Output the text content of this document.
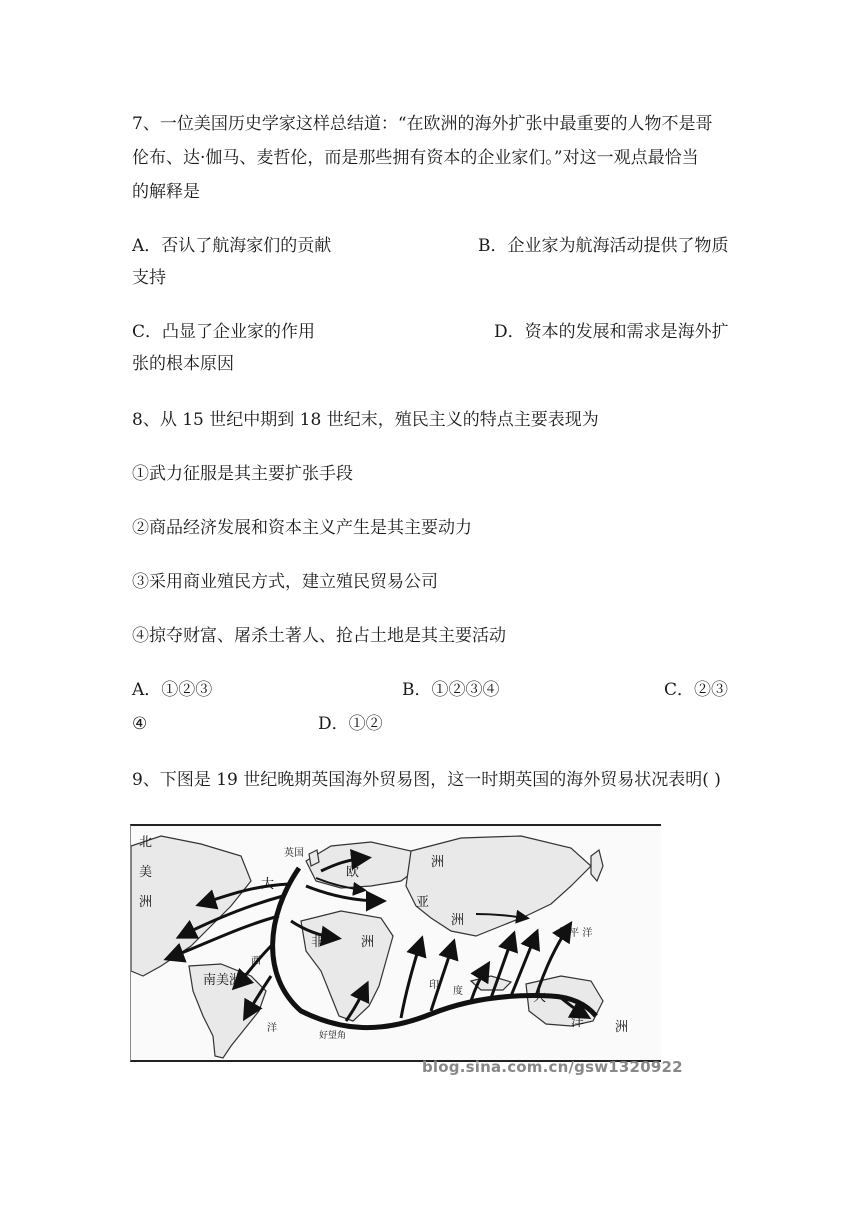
7、一位美国历史学家这样总结道：“在欧洲的海外扩张中最重要的人物不是哥
伦布、达·伽马、麦哲伦，而是那些拥有资本的企业家们。”对这一观点最恰当
的解释是
A．否认了航海家们的贡献	B．企业家为航海活动提供了物质
支持
C．凸显了企业家的作用	D．资本的发展和需求是海外扩
张的根本原因
8、从 15 世纪中期到 18 世纪末，殖民主义的特点主要表现为
①武力征服是其主要扩张手段
②商品经济发展和资本主义产生是其主要动力
③采用商业殖民方式，建立殖民贸易公司
④掠夺财富、屠杀土著人、抢占土地是其主要活动
A．①②③	B．①②③④	C．②③
④	D．①②
9、下图是 19 世纪晚期英国海外贸易图，这一时期英国的海外贸易状况表明( )
北
美
洲
大
英国
欧
洲
亚
非	洲
洲
太 平 洋
西
南美洲	印
度	大
洋 洲
洋
好望角
blog.sina.com.cn/gsw1320922
